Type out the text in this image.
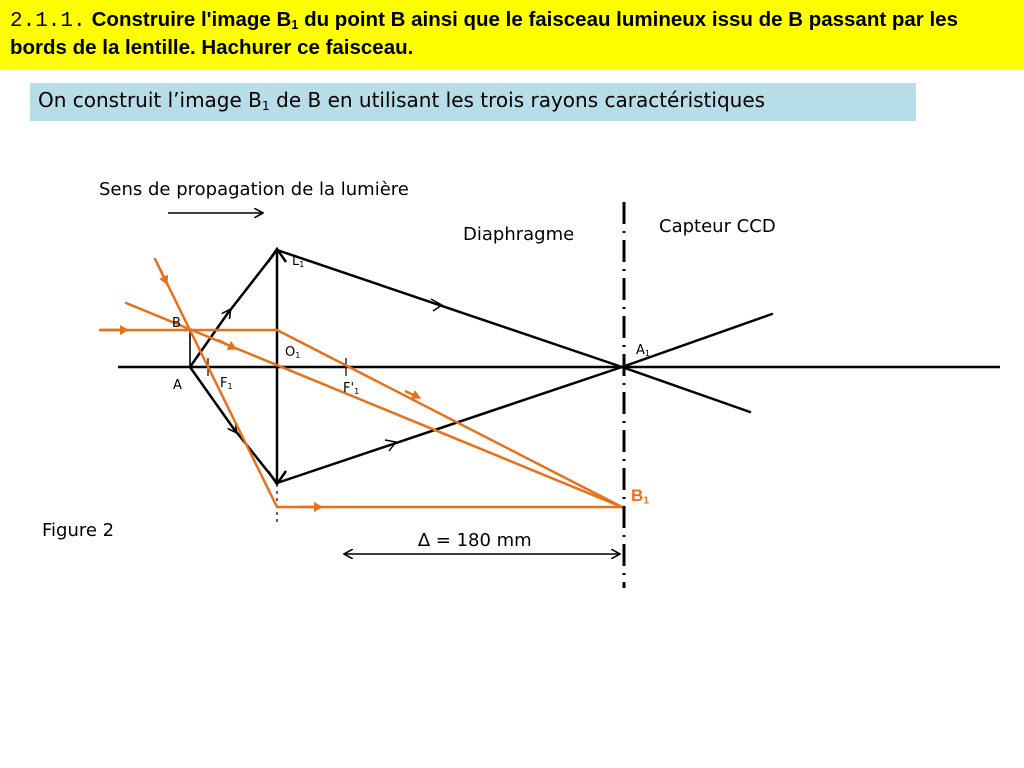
2.1.1. Construire l'image $B_1$ du point B ainsi que le faisceau lumineux issu de B passant par les bords de la lentille. Hachurer ce faisceau.
On construit l’image $B_1$ de B en utilisant les trois rayons caractéristiques
Sens de propagation de la lumière
Diaphragme	Capteur CCD
B
A
$L_1$
$O_1$
$F_1$	$F'_1$
$A_1$
$B_1$
∆ = 180 mm
Figure 2
